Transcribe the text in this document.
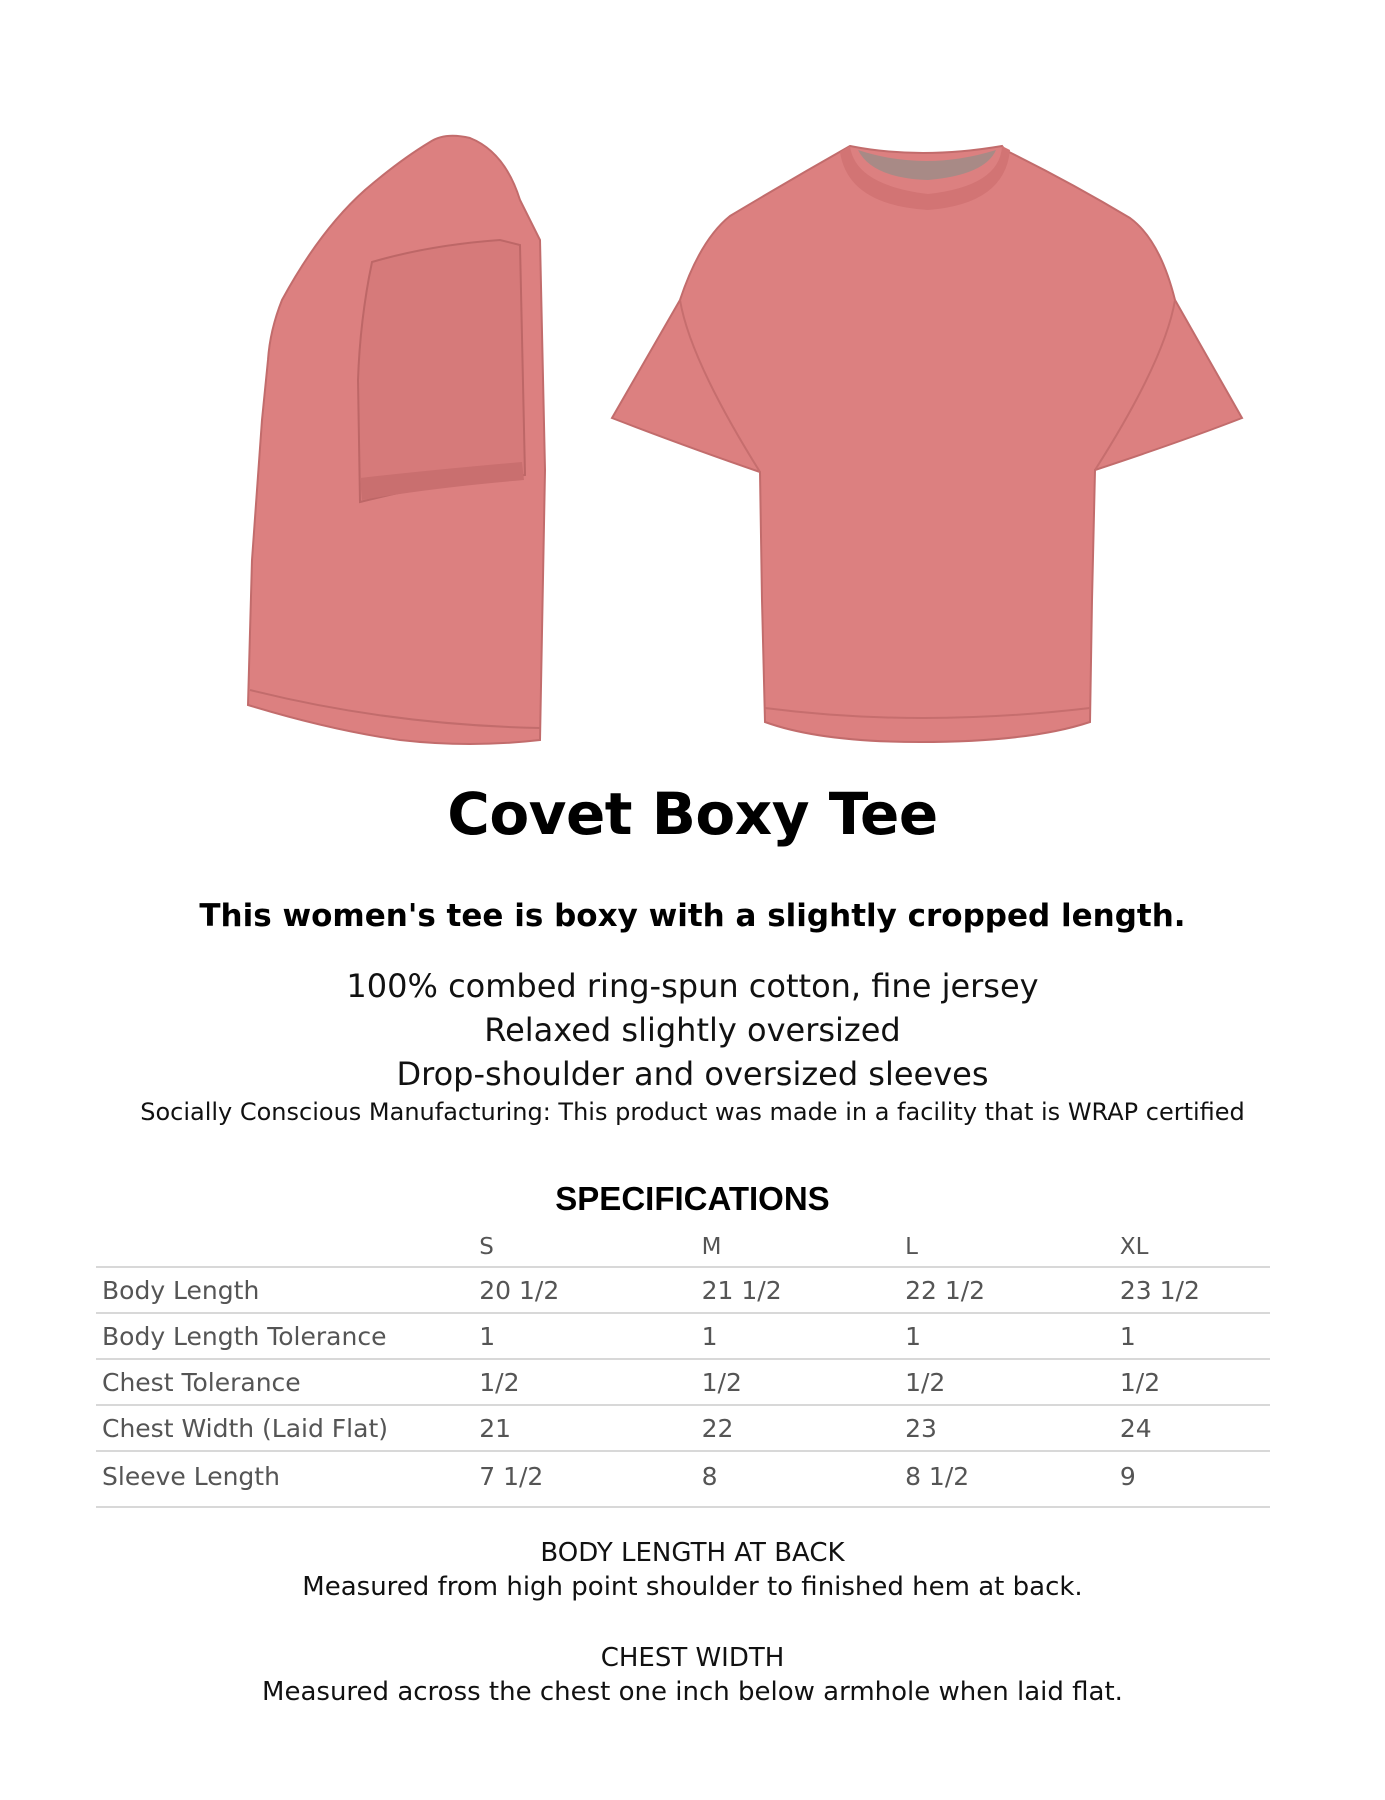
Covet Boxy Tee
This women's tee is boxy with a slightly cropped length.
100% combed ring-spun cotton, fine jersey
Relaxed slightly oversized
Drop-shoulder and oversized sleeves
Socially Conscious Manufacturing: This product was made in a facility that is WRAP certified
SPECIFICATIONS
	S	M	L	XL
Body Length	20 1/2	21 1/2	22 1/2	23 1/2
Body Length Tolerance	1	1	1	1
Chest Tolerance	1/2	1/2	1/2	1/2
Chest Width (Laid Flat)	21	22	23	24
Sleeve Length	7 1/2	8	8 1/2	9
BODY LENGTH AT BACK
Measured from high point shoulder to finished hem at back.
CHEST WIDTH
Measured across the chest one inch below armhole when laid flat.
